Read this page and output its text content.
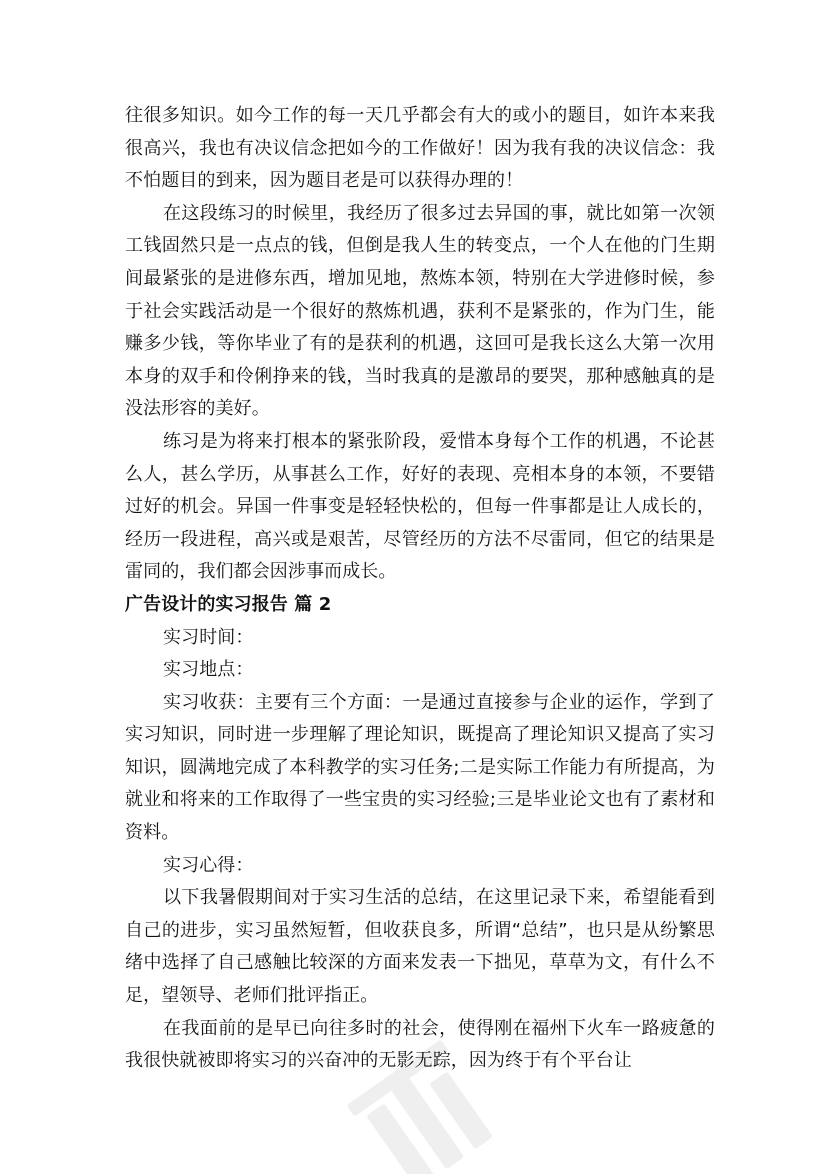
往很多知识。如今工作的每一天几乎都会有大的或小的题目，如许本来我很高兴，我也有决议信念把如今的工作做好！因为我有我的决议信念：我不怕题目的到来，因为题目老是可以获得办理的！

在这段练习的时候里，我经历了很多过去异国的事，就比如第一次领工钱固然只是一点点的钱，但倒是我人生的转变点，一个人在他的门生期间最紧张的是进修东西，增加见地，熬炼本领，特别在大学进修时候，参于社会实践活动是一个很好的熬炼机遇，获利不是紧张的，作为门生，能赚多少钱，等你毕业了有的是获利的机遇，这回可是我长这么大第一次用本身的双手和伶俐挣来的钱，当时我真的是激昂的要哭，那种感触真的是没法形容的美好。

练习是为将来打根本的紧张阶段，爱惜本身每个工作的机遇，不论甚么人，甚么学历，从事甚么工作，好好的表现、亮相本身的本领，不要错过好的机会。异国一件事变是轻轻快松的，但每一件事都是让人成长的，经历一段进程，高兴或是艰苦，尽管经历的方法不尽雷同，但它的结果是雷同的，我们都会因涉事而成长。

广告设计的实习报告 篇 2

实习时间：

实习地点：

实习收获：主要有三个方面：一是通过直接参与企业的运作，学到了实习知识，同时进一步理解了理论知识，既提高了理论知识又提高了实习知识，圆满地完成了本科教学的实习任务;二是实际工作能力有所提高，为就业和将来的工作取得了一些宝贵的实习经验;三是毕业论文也有了素材和资料。

实习心得：

以下我暑假期间对于实习生活的总结，在这里记录下来，希望能看到自己的进步，实习虽然短暂，但收获良多，所谓“总结”，也只是从纷繁思绪中选择了自己感触比较深的方面来发表一下拙见，草草为文，有什么不足，望领导、老师们批评指正。

在我面前的是早已向往多时的社会，使得刚在福州下火车一路疲惫的我很快就被即将实习的兴奋冲的无影无踪，因为终于有个平台让
